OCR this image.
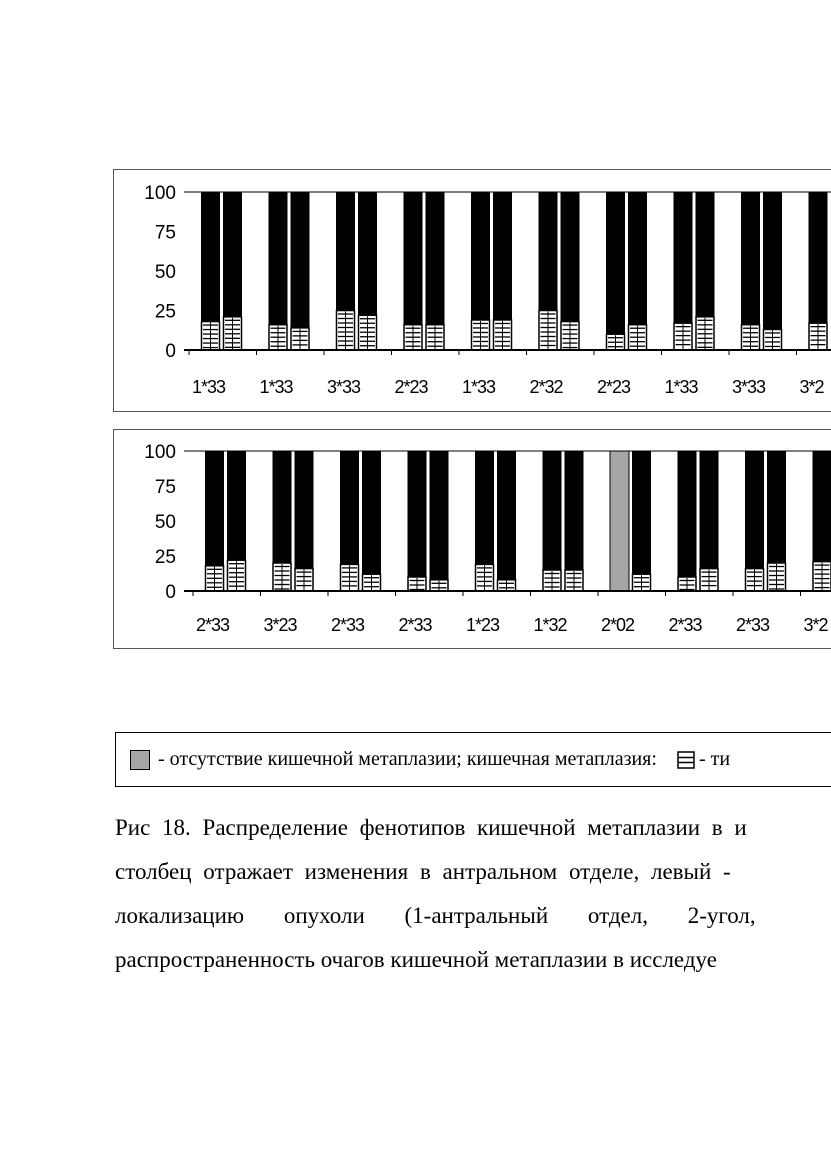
100
75
50
25
0
1*33 1*33 3*33 2*23 1*33 2*32 2*23 1*33 3*33 3*2
100
75
50
25
0
2*33 3*23 2*33 2*33 1*23 1*32 2*02 2*33 2*33 3*2
- отсутствие кишечной метаплазии; кишечная метаплазия: - ти
Рис 18. Распределение фенотипов кишечной метаплазии в и
столбец отражает изменения в антральном отделе, левый -
локализацию опухоли (1-антральный отдел, 2-угол,
распространенность очагов кишечной метаплазии в исследуе
